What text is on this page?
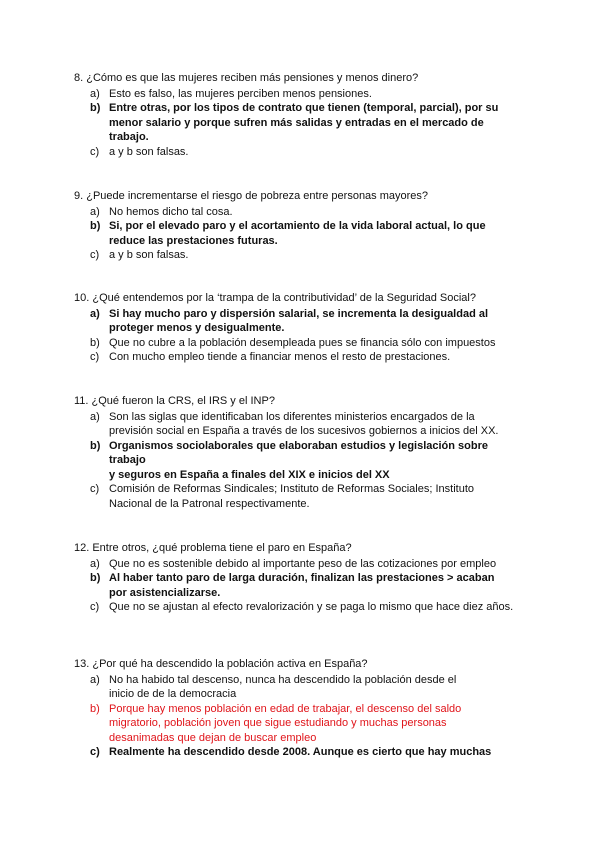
8. ¿Cómo es que las mujeres reciben más pensiones y menos dinero?
a) Esto es falso, las mujeres perciben menos pensiones.
b) Entre otras, por los tipos de contrato que tienen (temporal, parcial), por su menor salario y porque sufren más salidas y entradas en el mercado de trabajo.
c) a y b son falsas.
9. ¿Puede incrementarse el riesgo de pobreza entre personas mayores?
a) No hemos dicho tal cosa.
b) Si, por el elevado paro y el acortamiento de la vida laboral actual, lo que reduce las prestaciones futuras.
c) a y b son falsas.
10. ¿Qué entendemos por la ‘trampa de la contributividad’ de la Seguridad Social?
a) Si hay mucho paro y dispersión salarial, se incrementa la desigualdad al proteger menos y desigualmente.
b) Que no cubre a la población desempleada pues se financia sólo con impuestos
c) Con mucho empleo tiende a financiar menos el resto de prestaciones.
11. ¿Qué fueron la CRS, el IRS y el INP?
a) Son las siglas que identificaban los diferentes ministerios encargados de la previsión social en España a través de los sucesivos gobiernos a inicios del XX.
b) Organismos sociolaborales que elaboraban estudios y legislación sobre trabajo
y seguros en España a finales del XIX e inicios del XX
c) Comisión de Reformas Sindicales; Instituto de Reformas Sociales; Instituto Nacional de la Patronal respectivamente.
12. Entre otros, ¿qué problema tiene el paro en España?
a) Que no es sostenible debido al importante peso de las cotizaciones por empleo
b) Al haber tanto paro de larga duración, finalizan las prestaciones > acaban por asistencializarse.
c) Que no se ajustan al efecto revalorización y se paga lo mismo que hace diez años.
13. ¿Por qué ha descendido la población activa en España?
a) No ha habido tal descenso, nunca ha descendido la población desde el
inicio de de la democracia
b) Porque hay menos población en edad de trabajar, el descenso del saldo migratorio, población joven que sigue estudiando y muchas personas desanimadas que dejan de buscar empleo
c) Realmente ha descendido desde 2008. Aunque es cierto que hay muchas
